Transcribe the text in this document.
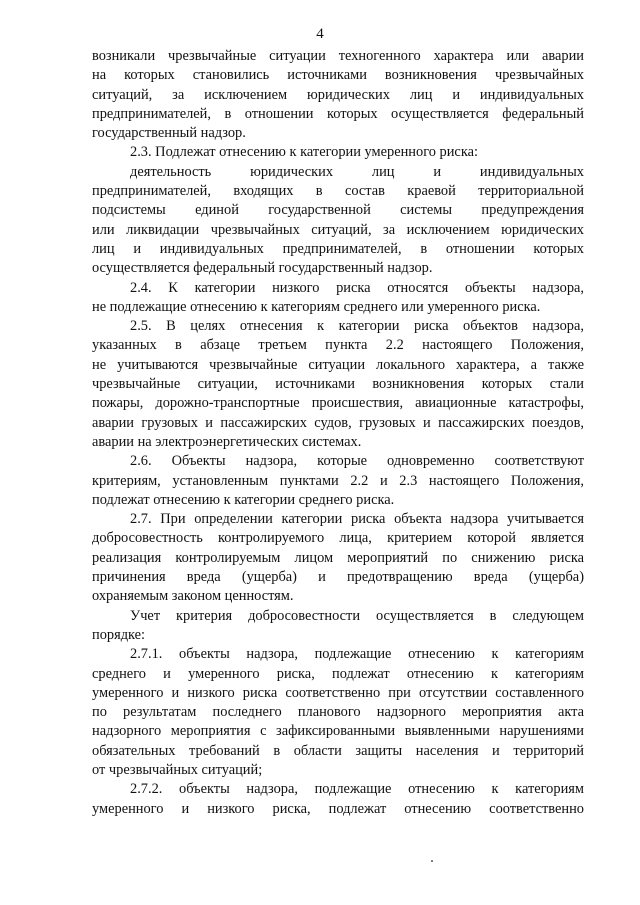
4
возникали чрезвычайные ситуации техногенного характера или аварии
на которых становились источниками возникновения чрезвычайных
ситуаций, за исключением юридических лиц и индивидуальных
предпринимателей, в отношении которых осуществляется федеральный
государственный надзор.
2.3. Подлежат отнесению к категории умеренного риска:
деятельность юридических лиц и индивидуальных
предпринимателей, входящих в состав краевой территориальной
подсистемы единой государственной системы предупреждения
или ликвидации чрезвычайных ситуаций, за исключением юридических
лиц и индивидуальных предпринимателей, в отношении которых
осуществляется федеральный государственный надзор.
2.4. К категории низкого риска относятся объекты надзора,
не подлежащие отнесению к категориям среднего или умеренного риска.
2.5. В целях отнесения к категории риска объектов надзора,
указанных в абзаце третьем пункта 2.2 настоящего Положения,
не учитываются чрезвычайные ситуации локального характера, а также
чрезвычайные ситуации, источниками возникновения которых стали
пожары, дорожно-транспортные происшествия, авиационные катастрофы,
аварии грузовых и пассажирских судов, грузовых и пассажирских поездов,
аварии на электроэнергетических системах.
2.6. Объекты надзора, которые одновременно соответствуют
критериям, установленным пунктами 2.2 и 2.3 настоящего Положения,
подлежат отнесению к категории среднего риска.
2.7. При определении категории риска объекта надзора учитывается
добросовестность контролируемого лица, критерием которой является
реализация контролируемым лицом мероприятий по снижению риска
причинения вреда (ущерба) и предотвращению вреда (ущерба)
охраняемым законом ценностям.
Учет критерия добросовестности осуществляется в следующем
порядке:
2.7.1. объекты надзора, подлежащие отнесению к категориям
среднего и умеренного риска, подлежат отнесению к категориям
умеренного и низкого риска соответственно при отсутствии составленного
по результатам последнего планового надзорного мероприятия акта
надзорного мероприятия с зафиксированными выявленными нарушениями
обязательных требований в области защиты населения и территорий
от чрезвычайных ситуаций;
2.7.2. объекты надзора, подлежащие отнесению к категориям
умеренного и низкого риска, подлежат отнесению соответственно
